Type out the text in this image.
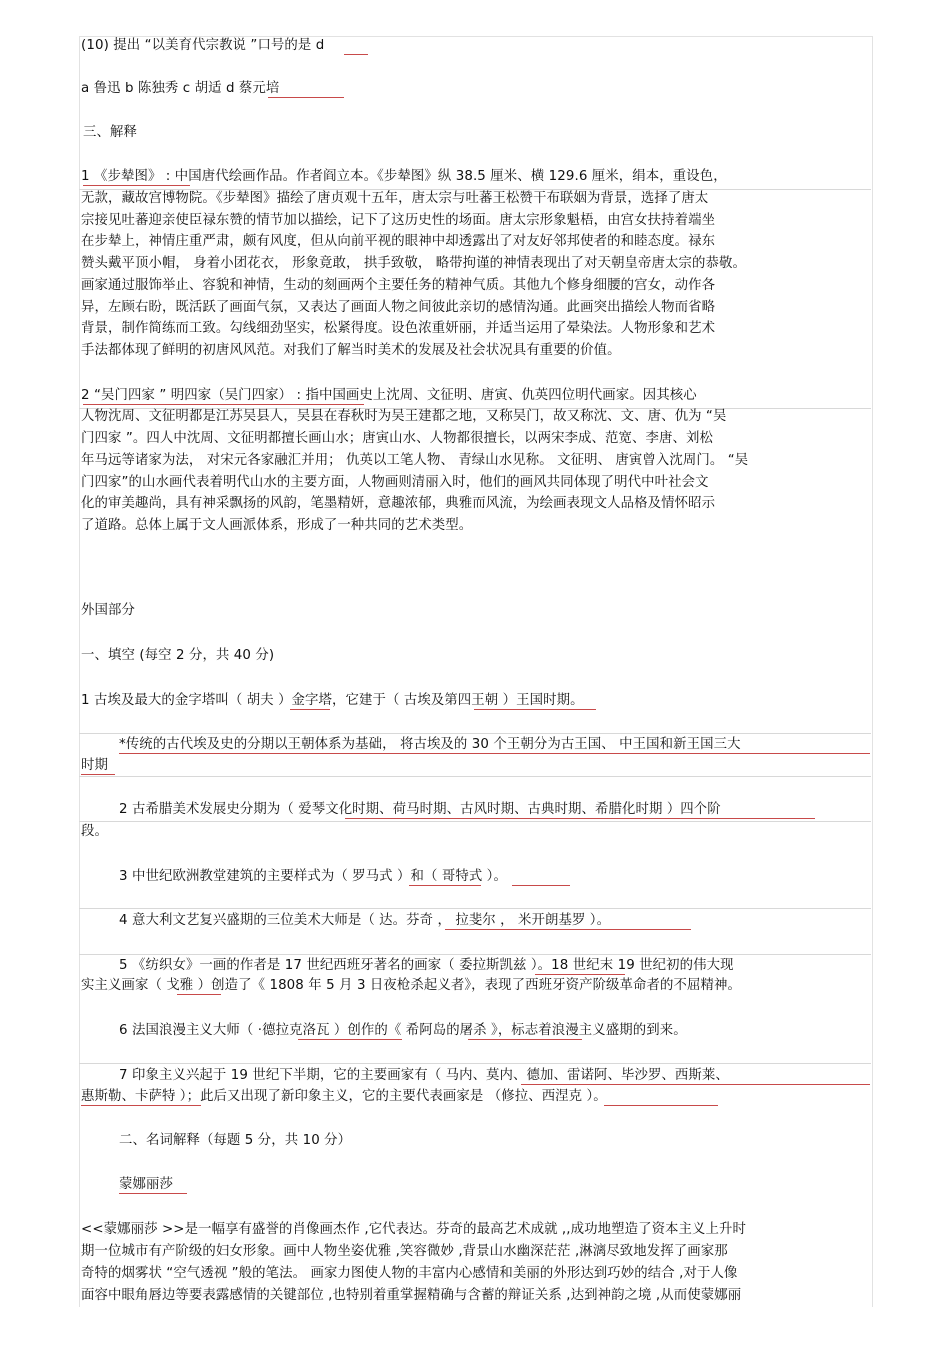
(10) 提出 “以美育代宗教说 ”口号的是 d
a 鲁迅 b 陈独秀 c 胡适 d 蔡元培
三、解释
1 《步辇图》 : 中国唐代绘画作品。作者阎立本。《步辇图》纵 38.5 厘米、横 129.6 厘米，绢本，重设色，
无款，藏故宫博物院。《步辇图》描绘了唐贞观十五年，唐太宗与吐蕃王松赞干布联姻为背景，选择了唐太
宗接见吐蕃迎亲使臣禄东赞的情节加以描绘，记下了这历史性的场面。唐太宗形象魁梧，由宫女扶持着端坐
在步辇上，神情庄重严肃，颇有风度，但从向前平视的眼神中却透露出了对友好邻邦使者的和睦态度。禄东
赞头戴平顶小帽， 身着小团花衣， 形象竟敢， 拱手致敬， 略带拘谨的神情表现出了对天朝皇帝唐太宗的恭敬。
画家通过服饰举止、容貌和神情，生动的刻画两个主要任务的精神气质。其他九个修身细腰的宫女，动作各
异，左顾右盼，既活跃了画面气氛，又表达了画面人物之间彼此亲切的感情沟通。此画突出描绘人物而省略
背景，制作简练而工致。勾线细劲坚实，松紧得度。设色浓重妍丽，并适当运用了晕染法。人物形象和艺术
手法都体现了鲜明的初唐风风范。对我们了解当时美术的发展及社会状况具有重要的价值。
2 “吴门四家 ” 明四家（吴门四家） : 指中国画史上沈周、文征明、唐寅、仇英四位明代画家。因其核心
人物沈周、文征明都是江苏吴县人，吴县在春秋时为吴王建都之地，又称吴门，故又称沈、文、唐、仇为 “吴
门四家 ”。四人中沈周、文征明都擅长画山水；唐寅山水、人物都很擅长，以两宋李成、范宽、李唐、刘松
年马远等诸家为法， 对宋元各家融汇并用； 仇英以工笔人物、 青绿山水见称。 文征明、 唐寅曾入沈周门。 “吴
门四家”的山水画代表着明代山水的主要方面，人物画则清丽入时，他们的画风共同体现了明代中叶社会文
化的审美趣尚，具有神采飘扬的风韵，笔墨精妍，意趣浓郁，典雅而风流，为绘画表现文人品格及情怀昭示
了道路。总体上属于文人画派体系，形成了一种共同的艺术类型。
外国部分
一、填空 (每空 2 分，共 40 分)
1 古埃及最大的金字塔叫（ 胡夫 ）金字塔，它建于（ 古埃及第四王朝 ）王国时期。
*传统的古代埃及史的分期以王朝体系为基础， 将古埃及的 30 个王朝分为古王国、 中王国和新王国三大
时期
2 古希腊美术发展史分期为（ 爱琴文化时期、荷马时期、古风时期、古典时期、希腊化时期 ）四个阶
段。
3 中世纪欧洲教堂建筑的主要样式为（ 罗马式 ）和（ 哥特式 ）。
4 意大利文艺复兴盛期的三位美术大师是（ 达。芬奇 ， 拉斐尔 ， 米开朗基罗 ）。
5 《纺织女》一画的作者是 17 世纪西班牙著名的画家（ 委拉斯凯兹 ）。18 世纪末 19 世纪初的伟大现
实主义画家（ 戈雅 ）创造了《 1808 年 5 月 3 日夜枪杀起义者》，表现了西班牙资产阶级革命者的不屈精神。
6 法国浪漫主义大师（ ·德拉克洛瓦 ）创作的《 希阿岛的屠杀 》，标志着浪漫主义盛期的到来。
7 印象主义兴起于 19 世纪下半期，它的主要画家有（ 马内、莫内、德加、雷诺阿、毕沙罗、西斯莱、
惠斯勒、卡萨特 ）；此后又出现了新印象主义，它的主要代表画家是 （修拉、西涅克 ）。
二、名词解释（每题 5 分，共 10 分）
蒙娜丽莎
<<蒙娜丽莎 >>是一幅享有盛誉的肖像画杰作 ,它代表达。芬奇的最高艺术成就 ,,成功地塑造了资本主义上升时
期一位城市有产阶级的妇女形象。画中人物坐姿优雅 ,笑容微妙 ,背景山水幽深茫茫 ,淋漓尽致地发挥了画家那
奇特的烟雾状 “空气透视 ”般的笔法。 画家力图使人物的丰富内心感情和美丽的外形达到巧妙的结合 ,对于人像
面容中眼角唇边等要表露感情的关键部位 ,也特别着重掌握精确与含蓄的辩证关系 ,达到神韵之境 ,从而使蒙娜丽
